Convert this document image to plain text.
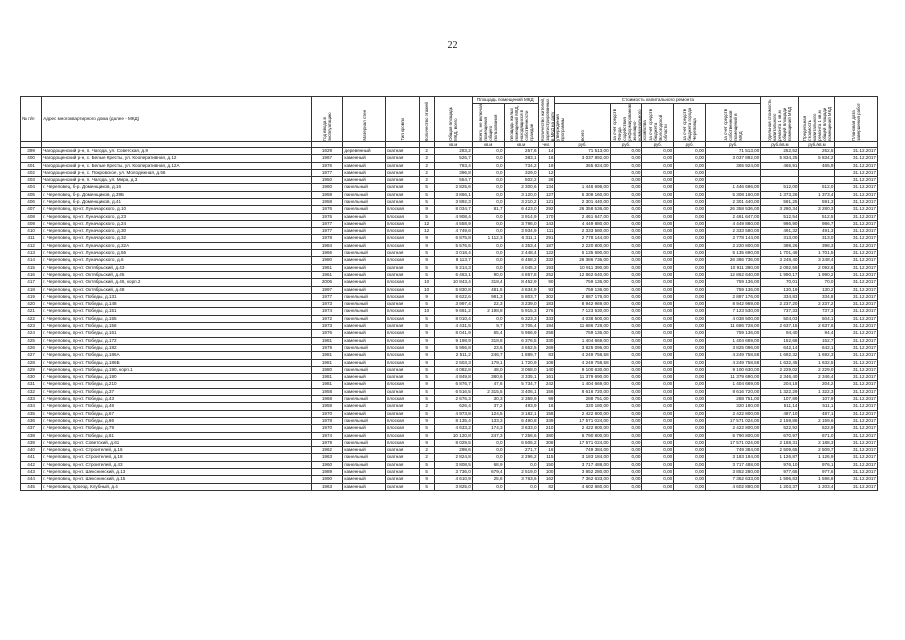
22
№ п/п	Адрес многоквартирного дома (далее - МКД)	Год ввода в эксплуатацию	Материал стен	Тип кровли	Количество этажей	Общая площадь МКД, всего	Площадь помещений МКД		Количество жителей, зарегистрированных в МКД на дату утверждения программы	Стоимость капитального ремонта					Удельная стоимость капитального ремонта 1 кв.м общей площади помещений МКД	Предельная стоимость капитального ремонта 1 кв.м общей площади помещений МКД	Плановая дата завершения работ

							всего, не включая помещения общего пользования	площадь жилых помещений МКД, находящихся в собственности граждан		всего	за счет средств Фонда содействия реформированию жилищно-коммунального хозяйства	за счет средств бюджета Вологодской области	за счет средств бюджета города Череповца	за счет средств собственников помещений в МКД			

						кв.м	кв.м	кв.м	чел.	руб.	руб.	руб.	руб.	руб.	руб./кв.м	руб./кв.м	
399	Чагодощенский р-н, п. Чагода, ул. Советская, д.9	1929	деревянный	скатная	2	283,2	0,0	257,6	14	71 513,00	0,00	0,00	0,00	71 513,00	252,52	252,5	31.12.2017
400	Чагодощенский р-н, с. Белые Кресты, ул. Кооперативная, д.12	1967	каменный	скатная	2	526,7	0,0	383,1	16	3 037 892,00	0,00	0,00	0,00	3 037 892,00	5 834,25	5 834,2	31.12.2017
401	Чагодощенский р-н, с. Белые Кресты, ул. Кооперативная, д.12А	1976	каменный	скатная	2	783,4	0,0	734,2	19	365 924,00	0,00	0,00	0,00	365 924,00	465,91	465,9	31.12.2017
402	Чагодощенский р-н, с. Покровское, ул. Молодежная, д.56	1977	каменный	скатная	2	396,8	0,0	329,0	12		0,00	0,00	0,00				31.12.2017
403	Чагодощенский р-н, п. Чагода, ул. Мира, д.3	1950	каменный	скатная	2	554,7	0,0	502,2	26		0,00	0,00	0,00				31.12.2017
404	г. Череповец, б-р. Доменщиков, д.16	1960	панельный	скатная	5	2 825,6	0,0	2 300,6	134	1 446 696,00	0,00	0,00	0,00	1 446 696,00	512,00	512,0	31.12.2017
405	г. Череповец, б-р. Доменщиков, д.39Б	1959	панельный	скатная	5	3 866,1	0,0	3 120,0	127	5 308 160,00	0,00	0,00	0,00	5 308 160,00	1 373,26	1 373,4	31.12.2017
406	г. Череповец, б-р. Доменщиков, д.41	1958	панельный	скатная	5	3 892,3	0,0	3 210,2	121	2 301 440,00	0,00	0,00	0,00	2 301 440,00	591,25	591,3	31.12.2017
407	г. Череповец, пр-кт. Луначарского, д.10	1976	панельный	плоская	9	8 034,7	81,7	6 423,0	292	26 358 536,00	0,00	0,00	0,00	26 358 536,00	3 280,34	3 280,3	31.12.2017
408	г. Череповец, пр-кт. Луначарского, д.23	1976	каменный	плоская	5	4 908,4	0,0	3 914,9	170	2 461 647,00	0,00	0,00	0,00	2 461 647,00	512,54	512,5	31.12.2017
409	г. Череповец, пр-кт. Луначарского, д.24	1977	каменный	плоская	12	4 558,9	0,0	3 796,0	143	4 449 880,00	0,00	0,00	0,00	4 449 880,00	986,90	986,7	31.12.2017
410	г. Череповец, пр-кт. Луначарского, д.30	1977	каменный	плоская	12	4 749,6	0,0	3 934,9	111	2 333 580,00	0,00	0,00	0,00	2 333 580,00	491,32	491,3	31.12.2017
411	г. Череповец, пр-кт. Луначарского, д.32	1978	каменный	плоская	9	6 875,8	1 112,3	6 311,1	291	2 778 144,00	0,00	0,00	0,00	2 778 144,00	313,00	313,0	31.12.2017
412	г. Череповец, пр-кт. Луначарского, д.32А	1984	каменный	плоская	9	5 576,5	0,0	4 353,4	187	2 220 800,00	0,00	0,00	0,00	2 220 800,00	398,26	398,3	31.12.2017
413	г. Череповец, пр-кт. Луначарского, д.56	1966	панельный	скатная	5	3 018,4	0,0	2 448,4	122	5 135 690,00	0,00	0,00	0,00	5 135 690,00	1 701,46	1 701,5	31.12.2017
414	г. Череповец, пр-кт. Луначарского, д.6	1980	каменный	плоская	9	8 113,7	0,0	6 458,2	332	26 386 736,00	0,00	0,00	0,00	26 386 736,00	3 248,40	3 248,4	31.12.2017
415	г. Череповец, пр-кт. Октябрьский, д.43	1961	каменный	скатная	5	5 214,3	0,0	4 045,2	193	10 911 390,00	0,00	0,00	0,00	10 911 390,00	2 092,59	2 092,6	31.12.2017
416	г. Череповец, пр-кт. Октябрьский, д.45	1961	каменный	скатная	5	6 463,1	90,0	4 857,8	252	12 862 640,00	0,00	0,00	0,00	12 862 640,00	1 990,17	1 990,2	31.12.2017
417	г. Череповец, пр-кт. Октябрьский, д.46, корп.2	2006	каменный	плоская	10	10 843,4	318,4	8 452,9	90	759 136,00	0,00	0,00	0,00	759 136,00	70,01	70,0	31.12.2017
418	г. Череповец, пр-кт. Октябрьский, д.48	1997	каменный	плоская	10	5 830,8	481,5	4 634,9	93	759 136,00	0,00	0,00	0,00	759 136,00	130,19	130,2	31.12.2017
419	г. Череповец, пр-кт. Победы, д.131	1977	панельный	плоская	9	8 622,6	981,3	5 803,7	302	2 887 176,00	0,00	0,00	0,00	2 887 176,00	334,83	334,8	31.12.2017
420	г. Череповец, пр-кт. Победы, д.148	1973	панельный	скатная	5	3 997,4	22,3	3 239,0	183	8 942 969,00	0,00	0,00	0,00	8 942 969,00	2 237,20	2 237,2	31.12.2017
421	г. Череповец, пр-кт. Победы, д.151	1974	панельный	плоская	10	9 661,2	2 198,8	5 915,3	276	7 123 530,00	0,00	0,00	0,00	7 123 530,00	737,33	737,3	31.12.2017
422	г. Череповец, пр-кт. Победы, д.155	1972	панельный	плоская	5	8 010,4	0,0	6 323,3	333	4 038 500,00	0,00	0,00	0,00	4 038 500,00	504,03	504,1	31.12.2017
423	г. Череповец, пр-кт. Победы, д.156	1973	каменный	скатная	5	4 431,5	9,7	3 705,4	194	11 686 728,00	0,00	0,00	0,00	11 686 728,00	2 637,15	2 637,6	31.12.2017
424	г. Череповец, пр-кт. Победы, д.161	1976	каменный	плоская	9	8 041,9	65,4	5 966,9	258	759 136,00	0,00	0,00	0,00	759 136,00	94,40	94,4	31.12.2017
425	г. Череповец, пр-кт. Победы, д.172	1981	каменный	плоская	9	9 198,9	318,8	6 376,5	330	1 404 669,00	0,00	0,00	0,00	1 404 669,00	152,68	152,7	31.12.2017
426	г. Череповец, пр-кт. Победы, д.182	1979	панельный	плоская	9	5 956,8	23,6	4 652,5	269	3 825 096,00	0,00	0,00	0,00	3 825 096,00	642,14	642,1	31.12.2017
427	г. Череповец, пр-кт. Победы, д.186А	1981	каменный	плоская	9	2 511,2	246,7	1 889,7	83	4 249 758,58	0,00	0,00	0,00	4 249 758,58	1 692,32	1 692,3	31.12.2017
428	г. Череповец, пр-кт. Победы, д.186Б	1981	каменный	плоская	9	2 603,3	179,1	1 720,9	108	4 249 758,58	0,00	0,00	0,00	4 249 758,58	1 632,45	1 632,5	31.12.2017
429	г. Череповец, пр-кт. Победы, д.190, корп.1	1980	панельный	скатная	5	4 082,8	48,0	3 068,0	140	9 100 630,00	0,00	0,00	0,00	9 100 630,00	2 229,02	2 229,0	31.12.2017
430	г. Череповец, пр-кт. Победы, д.190	1981	каменный	скатная	5	4 849,8	380,6	3 335,1	161	11 379 690,00	0,00	0,00	0,00	11 379 690,00	2 346,40	2 346,4	31.12.2017
431	г. Череповец, пр-кт. Победы, д.210	1981	каменный	плоская	9	6 876,7	47,6	5 734,7	242	1 404 669,00	0,00	0,00	0,00	1 404 669,00	204,18	204,2	31.12.2017
432	г. Череповец, пр-кт. Победы, д.37	1958	каменный	скатная	5	6 516,5	2 315,5	3 406,1	156	8 616 720,00	0,00	0,00	0,00	8 616 720,00	1 322,29	1 322,3	31.12.2017
433	г. Череповец, пр-кт. Победы, д.43	1968	панельный	плоская	5	2 676,3	30,3	2 359,9	99	288 751,00	0,00	0,00	0,00	288 751,00	107,89	107,9	31.12.2017
434	г. Череповец, пр-кт. Победы, д.48	1959	каменный	скатная	2	626,4	37,2	493,9	16	320 180,00	0,00	0,00	0,00	320 180,00	511,14	511,1	31.12.2017
435	г. Череповец, пр-кт. Победы, д.67	1970	каменный	скатная	5	4 973,8	124,5	3 182,1	158	2 422 800,00	0,00	0,00	0,00	2 422 800,00	487,10	487,1	31.12.2017
436	г. Череповец, пр-кт. Победы, д.86	1978	панельный	плоская	9	8 135,4	133,3	6 490,8	339	17 571 024,00	0,00	0,00	0,00	17 571 024,00	2 159,86	2 159,6	31.12.2017
437	г. Череповец, пр-кт. Победы, д.79	1970	каменный	плоская	5	4 633,2	174,3	3 633,0	210	2 422 800,00	0,00	0,00	0,00	2 422 800,00	522,92	522,9	31.12.2017
438	г. Череповец, пр-кт. Победы, д.81	1974	каменный	плоская	9	10 120,8	247,3	7 256,6	380	6 790 800,00	0,00	0,00	0,00	6 790 800,00	670,97	671,0	31.12.2017
439	г. Череповец, пр-кт. Советский, д.61	1979	панельный	плоская	9	8 029,5	0,0	6 505,2	308	17 571 024,00	0,00	0,00	0,00	17 571 024,00	2 188,31	2 188,3	31.12.2017
440	г. Череповец, пр-кт. Строителей, д.16	1962	каменный	скатная	2	298,6	0,0	271,7	16	749 384,00	0,00	0,00	0,00	749 384,00	2 509,65	2 509,7	31.12.2017
441	г. Череповец, пр-кт. Строителей, д.18	1963	панельный	скатная	2	2 824,8	0,0	2 296,2	115	3 183 184,00	0,00	0,00	0,00	3 183 184,00	1 126,87	1 126,9	31.12.2017
442	г. Череповец, пр-кт. Строителей, д.43	1960	панельный	скатная	5	3 808,5	68,9	0,0	150	3 717 488,00	0,00	0,00	0,00	3 717 488,00	976,10	976,1	31.12.2017
443	г. Череповец, пр-кт. Шекснинский, д.13	1989	каменный	скатная	5	3 736,0	679,4	2 519,0	100	3 852 280,00	0,00	0,00	0,00	3 852 280,00	977,65	977,6	31.12.2017
444	г. Череповец, пр-кт. Шекснинский, д.15	1990	каменный	скатная	9	4 610,9	25,6	3 763,6	162	7 362 633,00	0,00	0,00	0,00	7 362 633,00	1 596,83	1 596,8	31.12.2017
445	г. Череповец, проезд. Клубный, д.4	1963	каменный	скатная	5	3 825,0	0,0	0,0	82	4 602 860,00	0,00	0,00	0,00	4 602 860,00	1 203,37	1 203,4	31.12.2017
